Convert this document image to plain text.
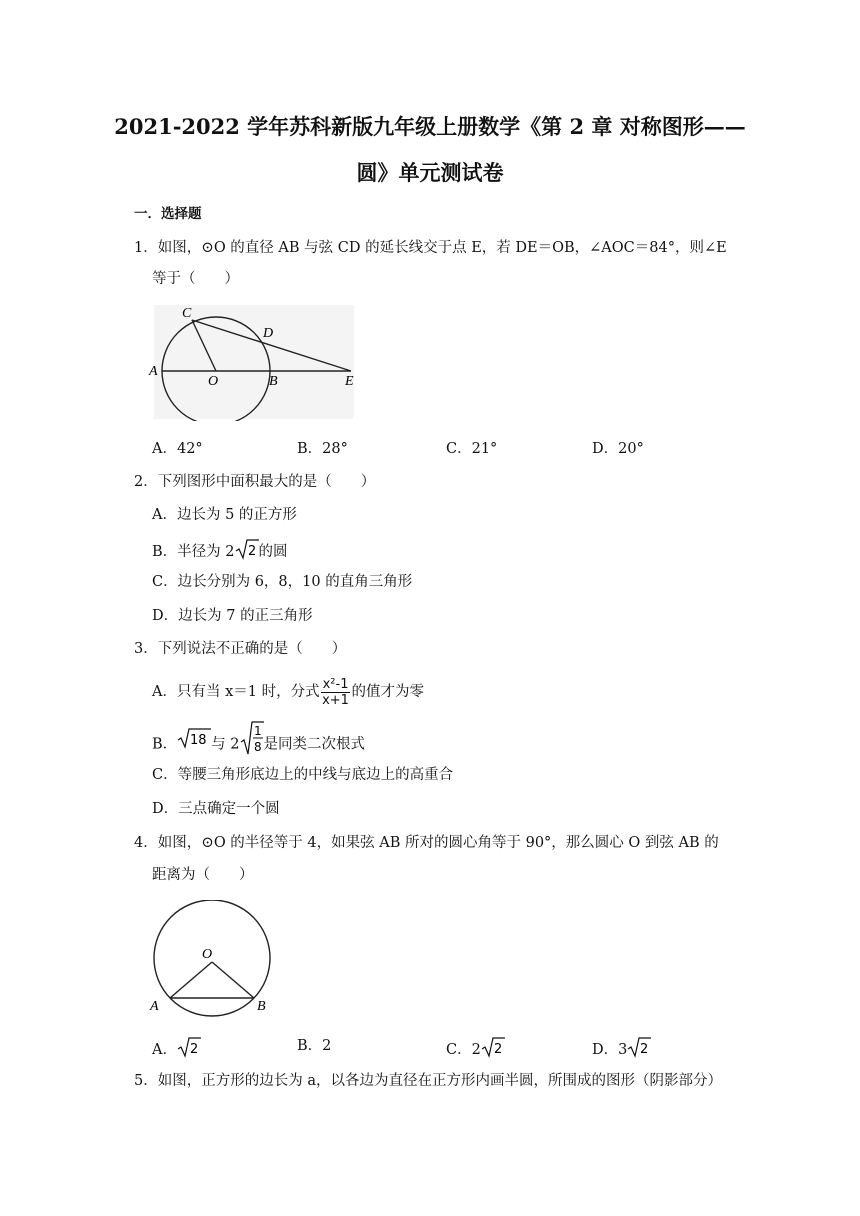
2021-2022 学年苏科新版九年级上册数学《第 2 章 对称图形——
圆》单元测试卷
一．选择题
1．如图，⊙O 的直径 AB 与弦 CD 的延长线交于点 E，若 DE＝OB，∠AOC＝84°，则∠E
等于（　　）
A
O	B
C
D
E
A．42°	B．28°	C．21°	D．20°
2．下列图形中面积最大的是（　　）
A．边长为 5 的正方形
B．半径为 2 2 的圆
C．边长分别为 6，8，10 的直角三角形
D．边长为 7 的正三角形
3．下列说法不正确的是（　　）
A．只有当 x＝1 时，分式 $\frac{\text{x²-1}}{x+1}$ 的值才为零
B． 18 与 2
1
8 是同类二次根式
C．等腰三角形底边上的中线与底边上的高重合
D．三点确定一个圆
4．如图，⊙O 的半径等于 4，如果弦 AB 所对的圆心角等于 90°，那么圆心 O 到弦 AB 的
距离为（　　）
O
A	B
A． 2	B．2	C．2 2	D．3 2
5．如图，正方形的边长为 a，以各边为直径在正方形内画半圆，所围成的图形（阴影部分）
